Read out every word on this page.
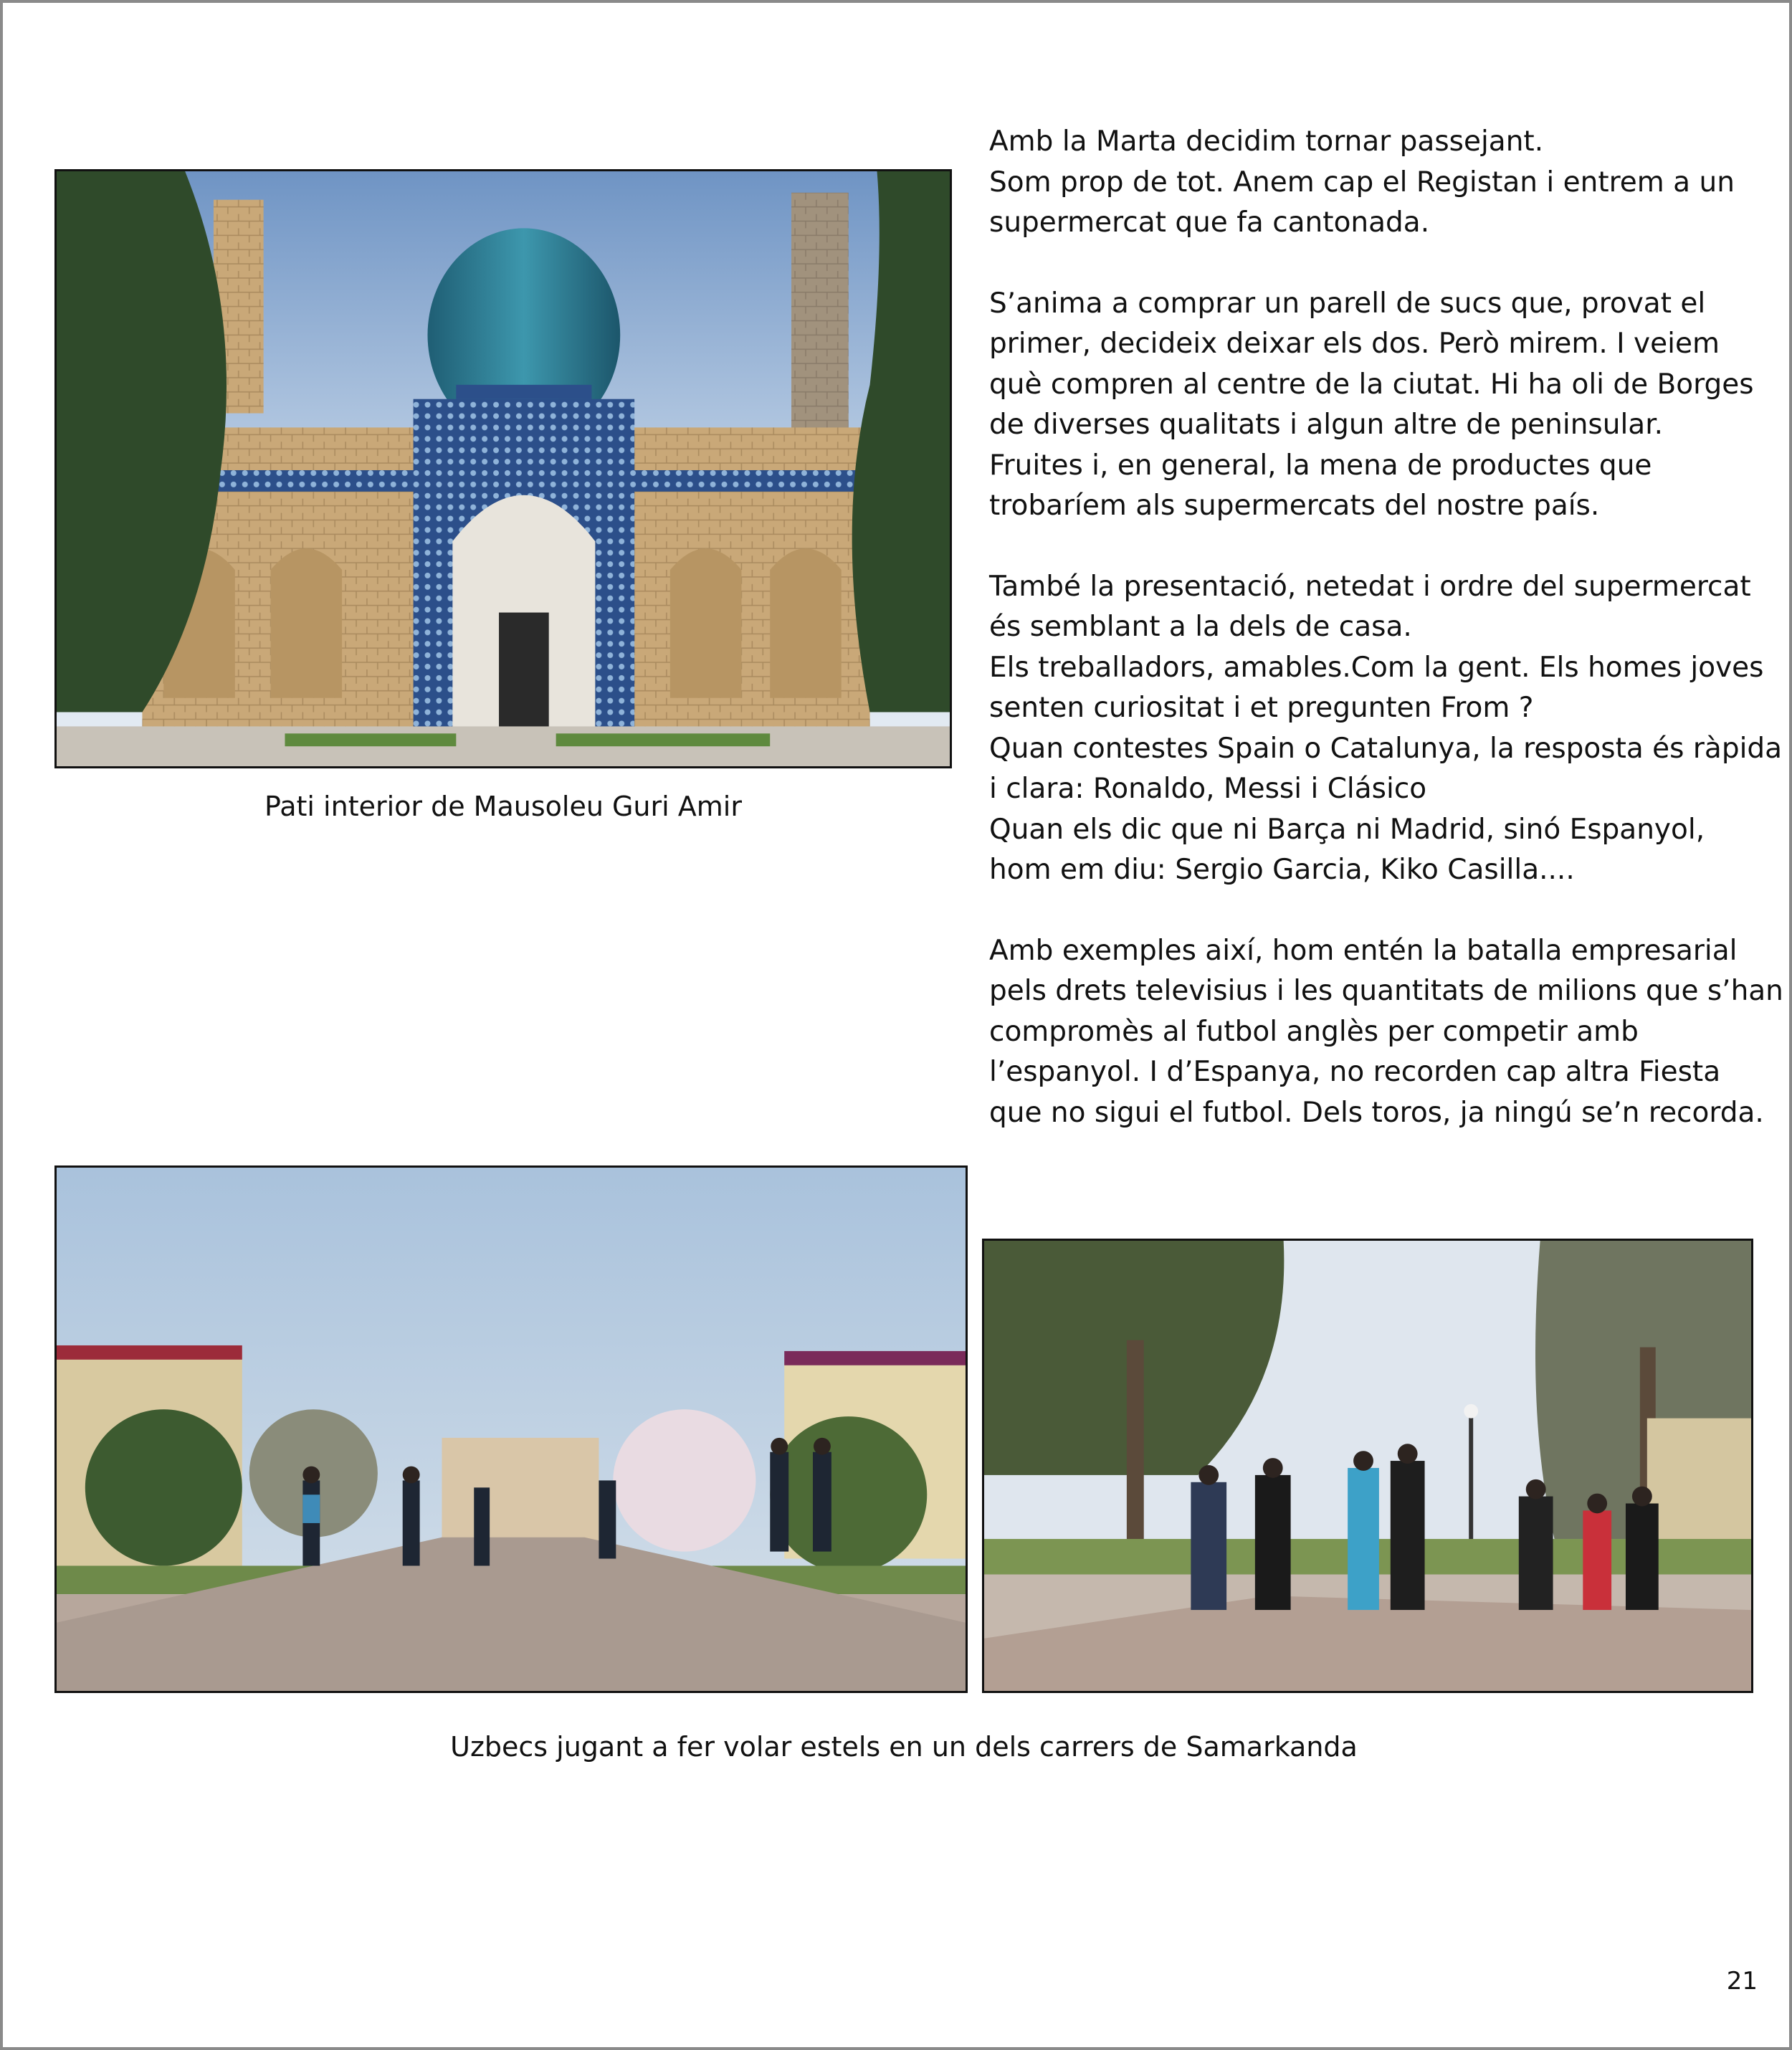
Pati interior de Mausoleu Guri Amir

Amb la Marta decidim tornar passejant.
Som prop de tot. Anem cap el Registan i entrem a un
supermercat que fa cantonada.

S’anima a comprar un parell de sucs que, provat el
primer, decideix deixar els dos. Però mirem. I veiem
què compren al centre de la ciutat. Hi ha oli de Borges
de diverses qualitats i algun altre de peninsular.
Fruites i, en general, la mena de productes que
trobaríem als supermercats del nostre país.

També la presentació, netedat i ordre del supermercat
és semblant a la dels de casa.
Els treballadors, amables.Com la gent. Els homes joves
senten curiositat i et pregunten From ?
Quan contestes Spain o Catalunya, la resposta és ràpida
i clara: Ronaldo, Messi i Clásico
Quan els dic que ni Barça ni Madrid, sinó Espanyol,
hom em diu: Sergio Garcia, Kiko Casilla....

Amb exemples així, hom entén la batalla empresarial
pels drets televisius i les quantitats de milions que s’han
compromès al futbol anglès per competir amb
l’espanyol. I d’Espanya, no recorden cap altra Fiesta
que no sigui el futbol. Dels toros, ja ningú se’n recorda.

Uzbecs jugant a fer volar estels en un dels carrers de Samarkanda
21
